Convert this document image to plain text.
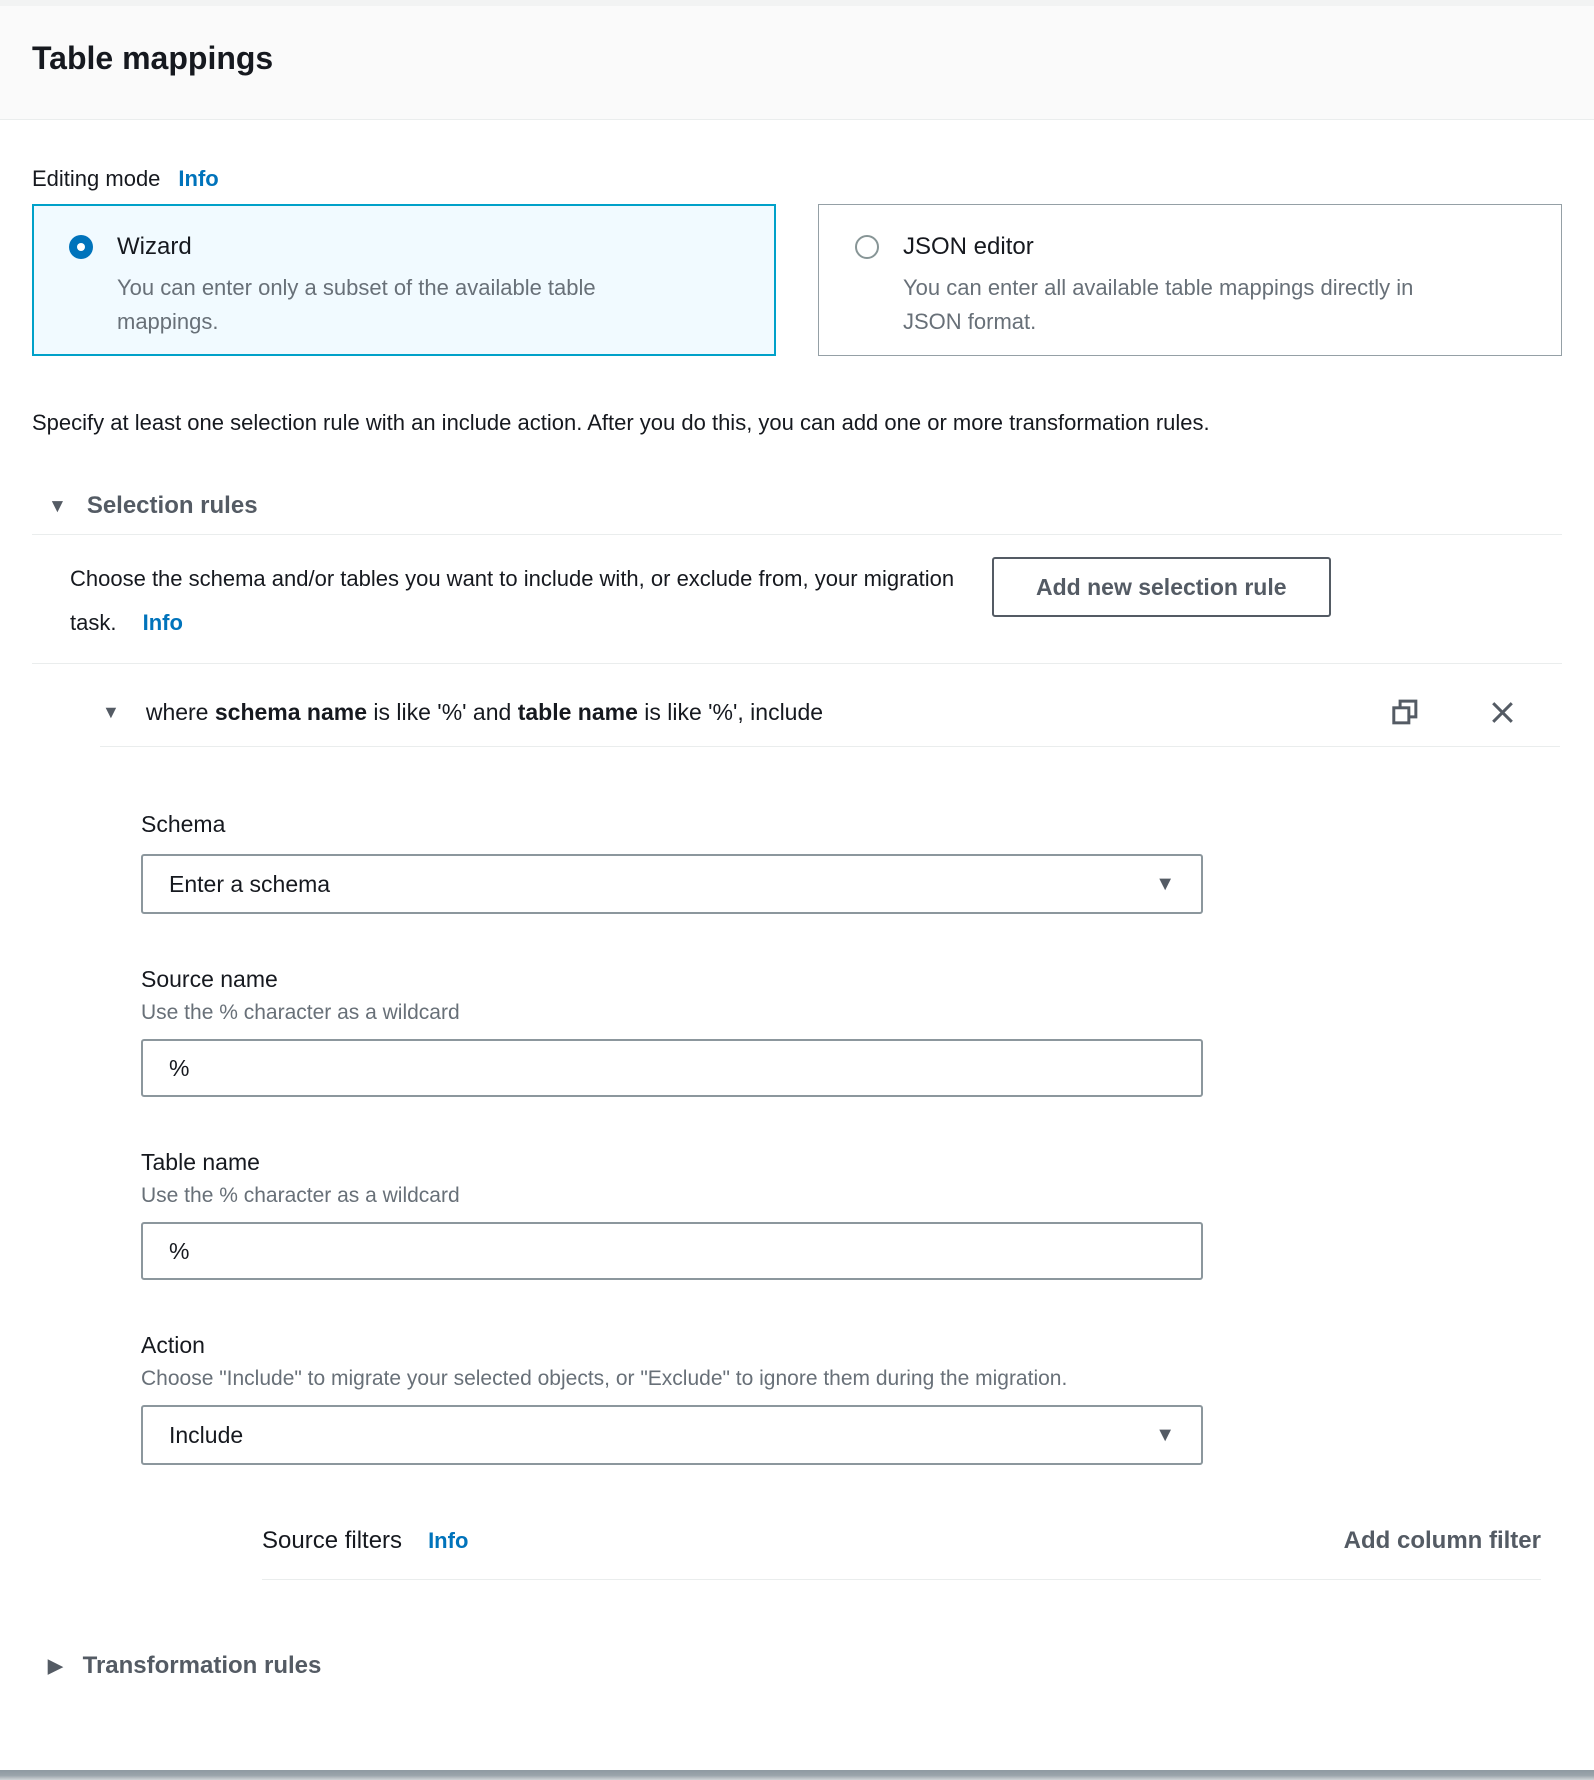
Table mappings
Editing mode Info
Wizard
You can enter only a subset of the available table mappings.
JSON editor
You can enter all available table mappings directly in JSON format.
Specify at least one selection rule with an include action. After you do this, you can add one or more transformation rules.
▼ Selection rules
Choose the schema and/or tables you want to include with, or exclude from, your migration task. Info
Add new selection rule
▼ where schema name is like '%' and table name is like '%', include
Schema
Enter a schema	▼
Source name
Use the % character as a wildcard
%
Table name
Use the % character as a wildcard
%
Action
Choose "Include" to migrate your selected objects, or "Exclude" to ignore them during the migration.
Include	▼
Source filters Info	Add column filter
▶ Transformation rules
